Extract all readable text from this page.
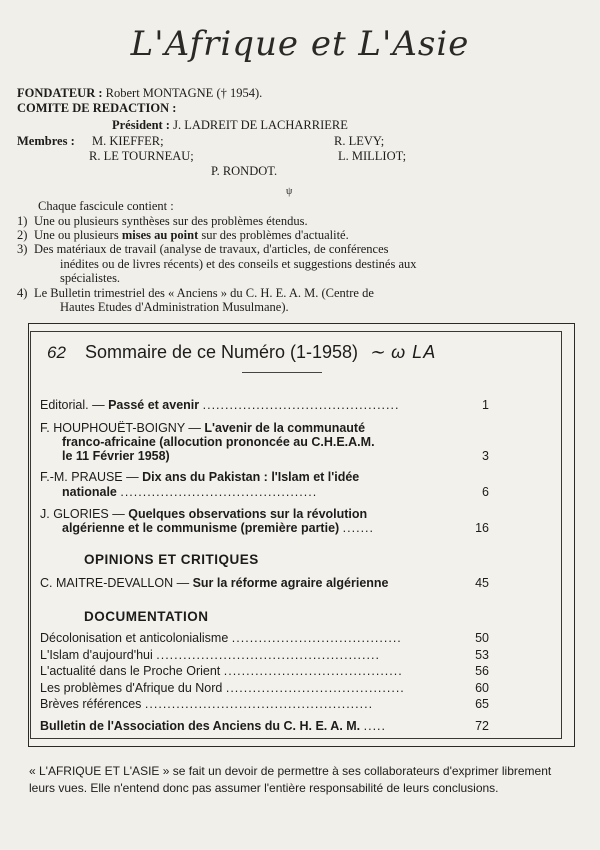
L'Afrique et L'Asie
FONDATEUR : Robert MONTAGNE († 1954).
COMITE DE REDACTION :
Président : J. LADREIT DE LACHARRIERE
Membres : M. KIEFFER;	R. LEVY;
R. LE TOURNEAU;	L. MILLIOT;
P. RONDOT.
ψ
Chaque fascicule contient :
1) Une ou plusieurs synthèses sur des problèmes étendus.
2) Une ou plusieurs mises au point sur des problèmes d'actualité.
3) Des matériaux de travail (analyse de travaux, d'articles, de conférences
inédites ou de livres récents) et des conseils et suggestions destinés aux
spécialistes.
4) Le Bulletin trimestriel des « Anciens » du C. H. E. A. M. (Centre de
Hautes Etudes d'Administration Musulmane).
62 Sommaire de ce Numéro (1-1958) ∼ ω LA
Editorial. — Passé et avenir ............................................	1
F. HOUPHOUËT-BOIGNY — L'avenir de la communauté
franco-africaine (allocution prononcée au C.H.E.A.M.
le 11 Février 1958)	3
F.-M. PRAUSE — Dix ans du Pakistan : l'Islam et l'idée
nationale ............................................	6
J. GLORIES — Quelques observations sur la révolution
algérienne et le communisme (première partie) .......	16
OPINIONS ET CRITIQUES
C. MAITRE-DEVALLON — Sur la réforme agraire algérienne	45
DOCUMENTATION
Décolonisation et anticolonialisme ......................................	50
L'Islam d'aujourd'hui ..................................................	53
L'actualité dans le Proche Orient ........................................	56
Les problèmes d'Afrique du Nord ........................................	60
Brèves références ...................................................	65
Bulletin de l'Association des Anciens du C. H. E. A. M. .....	72
« L'AFRIQUE ET L'ASIE » se fait un devoir de permettre à ses collaborateurs d'exprimer librement leurs vues. Elle n'entend donc pas assumer l'entière responsabilité de leurs conclusions.
